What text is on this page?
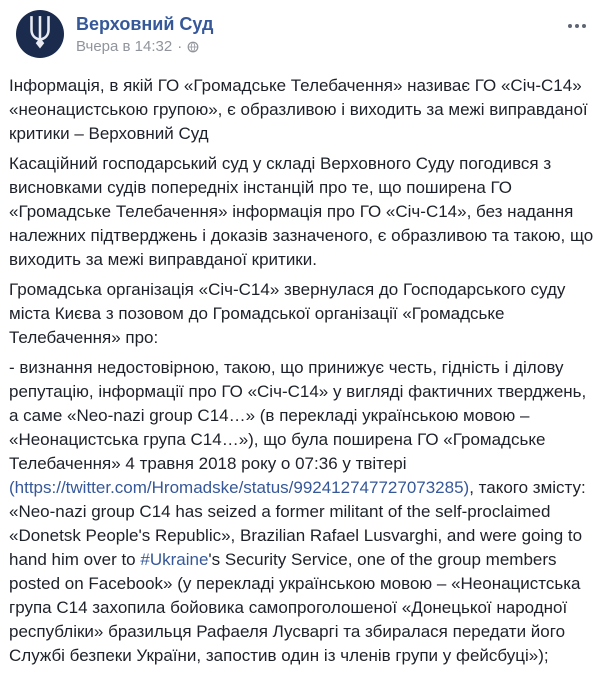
Верховний Суд
Вчера в 14:32 ·

Інформація, в якій ГО «Громадське Телебачення» називає ГО «Січ-С14» «неонацистською групою», є образливою і виходить за межі виправданої критики – Верховний Суд

Касаційний господарський суд у складі Верховного Суду погодився з висновками судів попередніх інстанцій про те, що поширена ГО «Громадське Телебачення» інформація про ГО «Січ-С14», без надання належних підтверджень і доказів зазначеного, є образливою та такою, що виходить за межі виправданої критики.

Громадська організація «Січ-С14» звернулася до Господарського суду міста Києва з позовом до Громадської організації «Громадське Телебачення» про:

- визнання недостовірною, такою, що принижує честь, гідність і ділову репутацію, інформації про ГО «Січ-С14» у вигляді фактичних тверджень, а саме «Neo-nazi group C14…» (в перекладі українською мовою – «Неонацистська група С14…»), що була поширена ГО «Громадське Телебачення» 4 травня 2018 року о 07:36 у твітері (https://twitter.com/Hromadske/status/992412747727073285), такого змісту: «Neo-nazi group C14 has seized a former militant of the self-proclaimed «Donetsk People's Republic», Brazilian Rafael Lusvarghi, and were going to hand him over to #Ukraine's Security Service, one of the group members posted on Facebook» (у перекладі українською мовою – «Неонацистська група С14 захопила бойовика самопроголошеної «Донецької народної республіки» бразильця Рафаеля Лусваргі та збиралася передати його Службі безпеки України, запостив один із членів групи у фейсбуці»);
